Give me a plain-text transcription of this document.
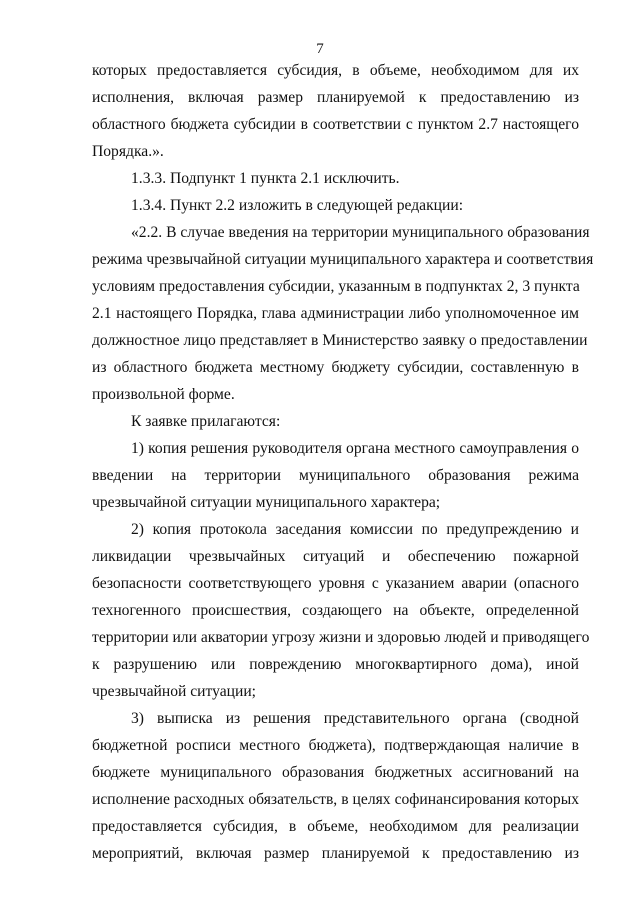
7
которых предоставляется субсидия, в объеме, необходимом для их
исполнения, включая размер планируемой к предоставлению из
областного бюджета субсидии в соответствии с пунктом 2.7 настоящего
Порядка.».
1.3.3. Подпункт 1 пункта 2.1 исключить.
1.3.4. Пункт 2.2 изложить в следующей редакции:
«2.2. В случае введения на территории муниципального образования
режима чрезвычайной ситуации муниципального характера и соответствия
условиям предоставления субсидии, указанным в подпунктах 2, 3 пункта
2.1 настоящего Порядка, глава администрации либо уполномоченное им
должностное лицо представляет в Министерство заявку о предоставлении
из областного бюджета местному бюджету субсидии, составленную в
произвольной форме.
К заявке прилагаются:
1) копия решения руководителя органа местного самоуправления о
введении на территории муниципального образования режима
чрезвычайной ситуации муниципального характера;
2) копия протокола заседания комиссии по предупреждению и
ликвидации чрезвычайных ситуаций и обеспечению пожарной
безопасности соответствующего уровня с указанием аварии (опасного
техногенного происшествия, создающего на объекте, определенной
территории или акватории угрозу жизни и здоровью людей и приводящего
к разрушению или повреждению многоквартирного дома), иной
чрезвычайной ситуации;
3) выписка из решения представительного органа (сводной
бюджетной росписи местного бюджета), подтверждающая наличие в
бюджете муниципального образования бюджетных ассигнований на
исполнение расходных обязательств, в целях софинансирования которых
предоставляется субсидия, в объеме, необходимом для реализации
мероприятий, включая размер планируемой к предоставлению из
